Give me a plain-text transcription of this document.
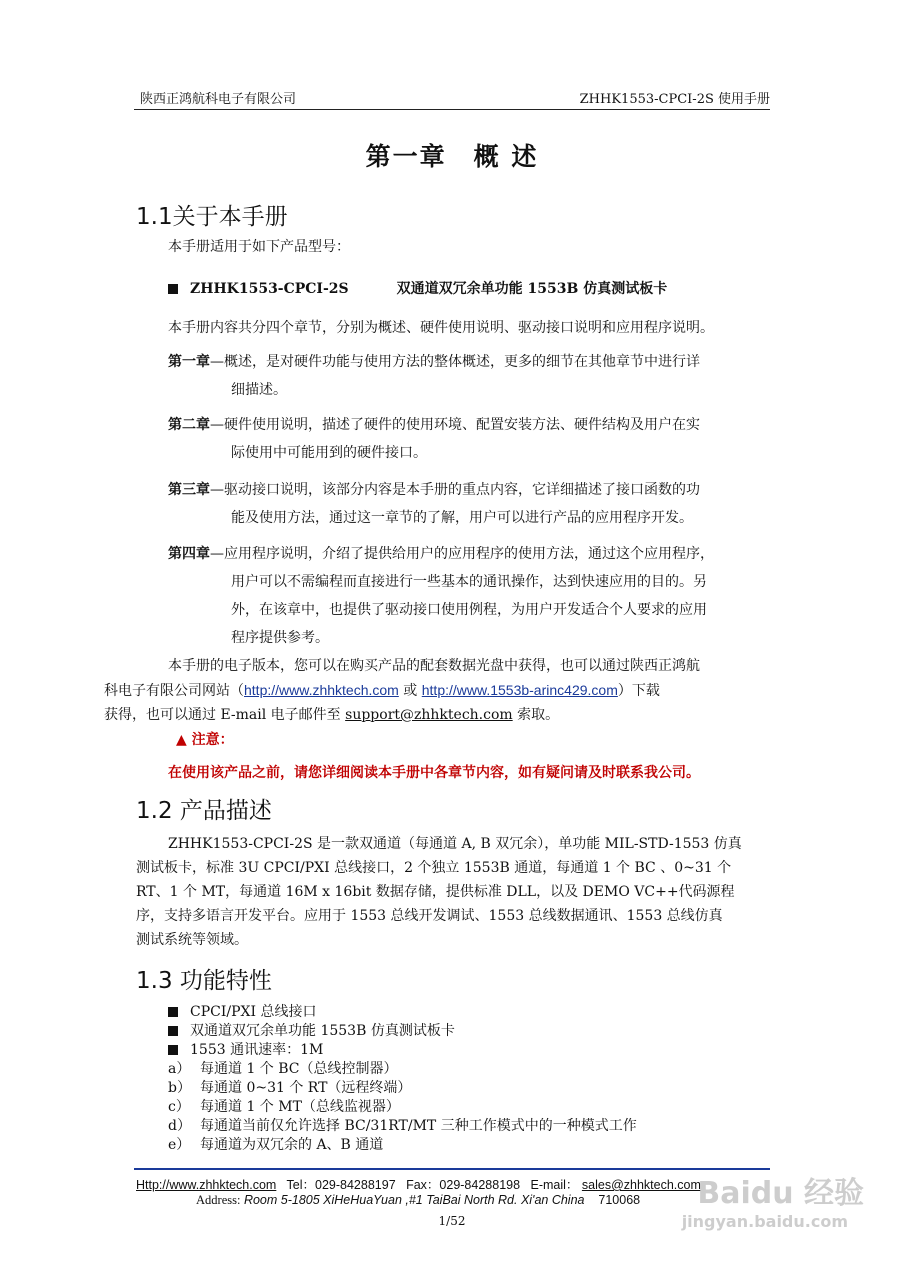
陕西正鸿航科电子有限公司	ZHHK1553-CPCI-2S 使用手册
第一章　概 述
1.1关于本手册
本手册适用于如下产品型号：
ZHHK1553-CPCI-2S	双通道双冗余单功能 1553B 仿真测试板卡
本手册内容共分四个章节，分别为概述、硬件使用说明、驱动接口说明和应用程序说明。
第一章—概述，是对硬件功能与使用方法的整体概述，更多的细节在其他章节中进行详
细描述。
第二章—硬件使用说明，描述了硬件的使用环境、配置安装方法、硬件结构及用户在实
际使用中可能用到的硬件接口。
第三章—驱动接口说明，该部分内容是本手册的重点内容，它详细描述了接口函数的功
能及使用方法，通过这一章节的了解，用户可以进行产品的应用程序开发。
第四章—应用程序说明，介绍了提供给用户的应用程序的使用方法，通过这个应用程序，
用户可以不需编程而直接进行一些基本的通讯操作，达到快速应用的目的。另
外，在该章中，也提供了驱动接口使用例程，为用户开发适合个人要求的应用
程序提供参考。
本手册的电子版本，您可以在购买产品的配套数据光盘中获得，也可以通过陕西正鸿航
科电子有限公司网站（http://www.zhhktech.com 或 http://www.1553b-arinc429.com）下载
获得，也可以通过 E-mail 电子邮件至 support@zhhktech.com 索取。
▲ 注意：
在使用该产品之前，请您详细阅读本手册中各章节内容，如有疑问请及时联系我公司。
1.2 产品描述
ZHHK1553-CPCI-2S 是一款双通道（每通道 A, B 双冗余），单功能 MIL-STD-1553 仿真
测试板卡，标准 3U CPCI/PXI 总线接口，2 个独立 1553B 通道，每通道 1 个 BC 、0~31 个
RT、1 个 MT，每通道 16M x 16bit 数据存储，提供标准 DLL，以及 DEMO VC++代码源程
序，支持多语言开发平台。应用于 1553 总线开发调试、1553 总线数据通讯、1553 总线仿真
测试系统等领域。
1.3 功能特性
CPCI/PXI 总线接口
双通道双冗余单功能 1553B 仿真测试板卡
1553 通讯速率：1M
a） 每通道 1 个 BC（总线控制器）
b） 每通道 0~31 个 RT（远程终端）
c） 每通道 1 个 MT（总线监视器）
d） 每通道当前仅允许选择 BC/31RT/MT 三种工作模式中的一种模式工作
e） 每通道为双冗余的 A、B 通道
Http://www.zhhktech.com Tel：029-84288197 Fax：029-84288198 E-mail： sales@zhhktech.com
Address: Room 5-1805 XiHeHuaYuan ,#1 TaiBai North Rd. Xi'an China 710068
1/52
Baidu 经验
jingyan.baidu.com
